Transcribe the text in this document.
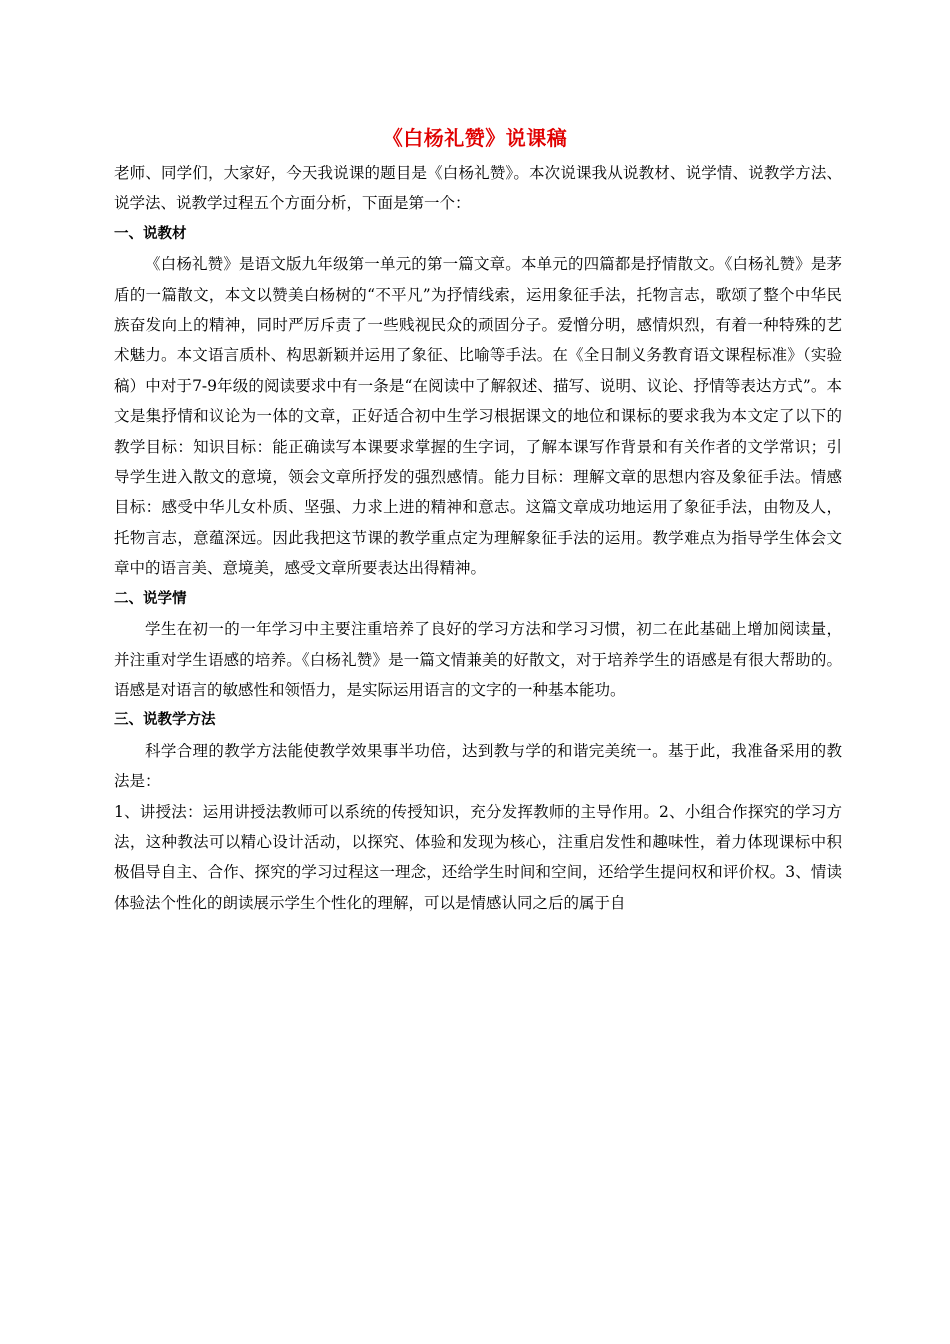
《白杨礼赞》说课稿

老师、同学们，大家好，今天我说课的题目是《白杨礼赞》。本次说课我从说教材、说学情、说教学方法、说学法、说教学过程五个方面分析，下面是第一个：

一、说教材

《白杨礼赞》是语文版九年级第一单元的第一篇文章。本单元的四篇都是抒情散文。《白杨礼赞》是茅盾的一篇散文，本文以赞美白杨树的“不平凡”为抒情线索，运用象征手法，托物言志，歌颂了整个中华民族奋发向上的精神，同时严厉斥责了一些贱视民众的顽固分子。爱憎分明，感情炽烈，有着一种特殊的艺术魅力。本文语言质朴、构思新颖并运用了象征、比喻等手法。在《全日制义务教育语文课程标准》（实验稿）中对于7-9年级的阅读要求中有一条是“在阅读中了解叙述、描写、说明、议论、抒情等表达方式”。本文是集抒情和议论为一体的文章，正好适合初中生学习根据课文的地位和课标的要求我为本文定了以下的教学目标：知识目标：能正确读写本课要求掌握的生字词，了解本课写作背景和有关作者的文学常识；引导学生进入散文的意境，领会文章所抒发的强烈感情。能力目标：理解文章的思想内容及象征手法。情感目标：感受中华儿女朴质、坚强、力求上进的精神和意志。这篇文章成功地运用了象征手法，由物及人，托物言志，意蕴深远。因此我把这节课的教学重点定为理解象征手法的运用。教学难点为指导学生体会文章中的语言美、意境美，感受文章所要表达出得精神。

二、说学情

学生在初一的一年学习中主要注重培养了良好的学习方法和学习习惯，初二在此基础上增加阅读量，并注重对学生语感的培养。《白杨礼赞》是一篇文情兼美的好散文，对于培养学生的语感是有很大帮助的。语感是对语言的敏感性和领悟力，是实际运用语言的文字的一种基本能功。

三、说教学方法

科学合理的教学方法能使教学效果事半功倍，达到教与学的和谐完美统一。基于此，我准备采用的教法是：

1、讲授法：运用讲授法教师可以系统的传授知识，充分发挥教师的主导作用。2、小组合作探究的学习方法，这种教法可以精心设计活动，以探究、体验和发现为核心，注重启发性和趣味性，着力体现课标中积极倡导自主、合作、探究的学习过程这一理念，还给学生时间和空间，还给学生提问权和评价权。3、情读体验法个性化的朗读展示学生个性化的理解，可以是情感认同之后的属于自
